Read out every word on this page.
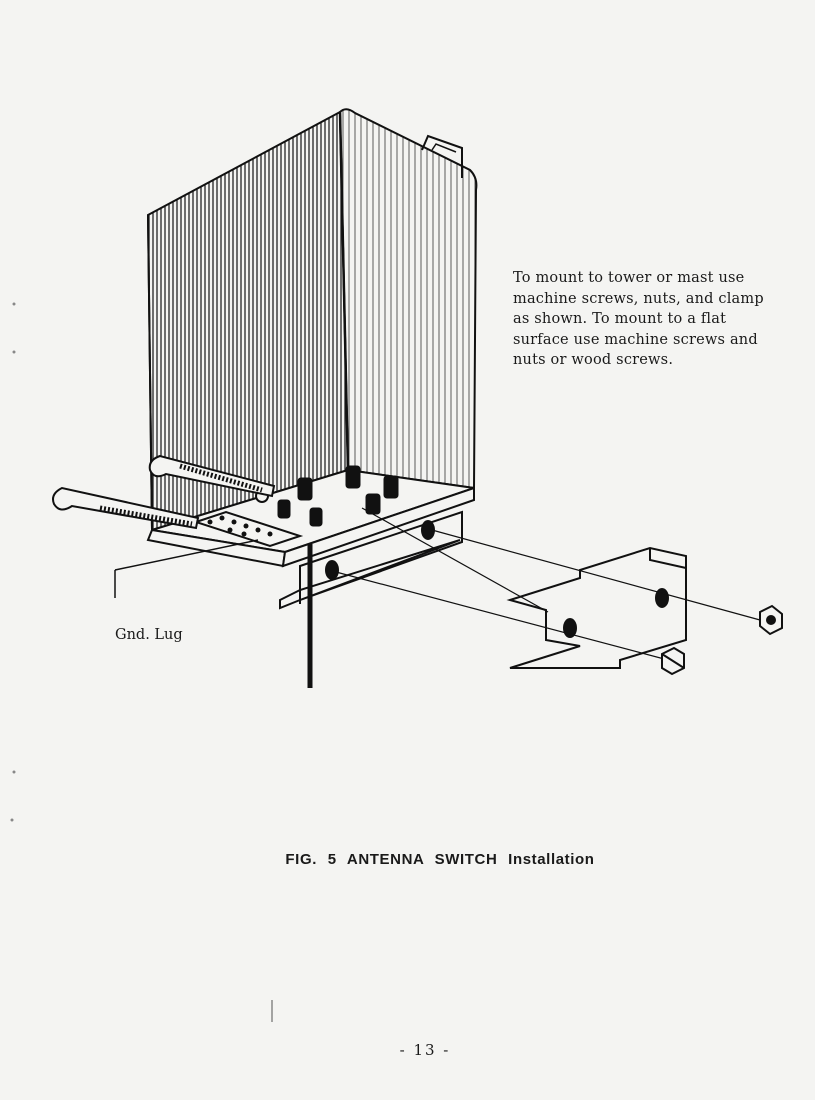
To mount to tower or mast use
machine screws, nuts, and clamp
as shown. To mount to a flat
surface use machine screws and
nuts or wood screws.
Gnd. Lug
FIG. 5 ANTENNA SWITCH Installation
- 13 -
